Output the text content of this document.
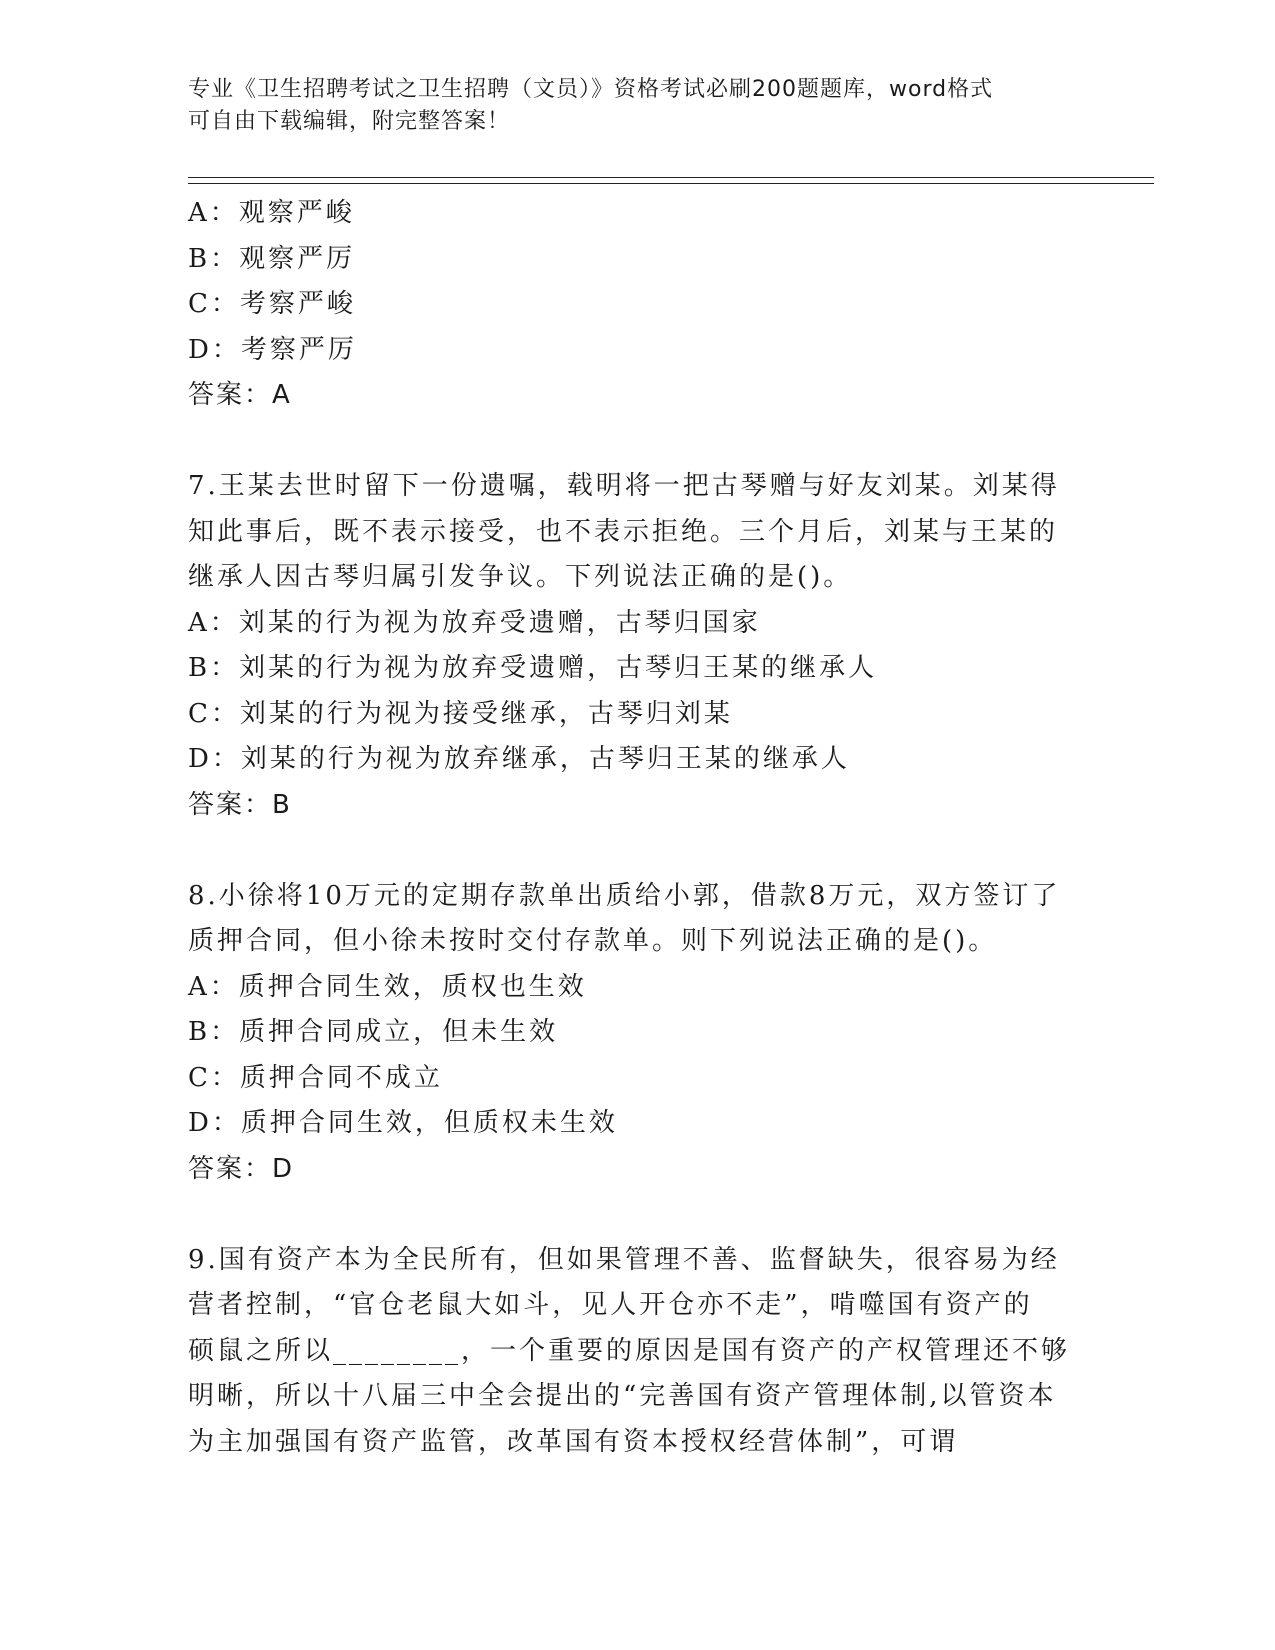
专业《卫生招聘考试之卫生招聘（文员）》资格考试必刷200题题库，word格式
可自由下载编辑，附完整答案！
A：观察严峻
B：观察严厉
C：考察严峻
D：考察严厉
答案：A
7.王某去世时留下一份遗嘱，载明将一把古琴赠与好友刘某。刘某得
知此事后，既不表示接受，也不表示拒绝。三个月后，刘某与王某的
继承人因古琴归属引发争议。下列说法正确的是()。
A：刘某的行为视为放弃受遗赠，古琴归国家
B：刘某的行为视为放弃受遗赠，古琴归王某的继承人
C：刘某的行为视为接受继承，古琴归刘某
D：刘某的行为视为放弃继承，古琴归王某的继承人
答案：B
8.小徐将10万元的定期存款单出质给小郭，借款8万元，双方签订了
质押合同，但小徐未按时交付存款单。则下列说法正确的是()。
A：质押合同生效，质权也生效
B：质押合同成立，但未生效
C：质押合同不成立
D：质押合同生效，但质权未生效
答案：D
9.国有资产本为全民所有，但如果管理不善、监督缺失，很容易为经
营者控制，“官仓老鼠大如斗，见人开仓亦不走”，啃噬国有资产的
硕鼠之所以________，一个重要的原因是国有资产的产权管理还不够
明晰，所以十八届三中全会提出的“完善国有资产管理体制,以管资本
为主加强国有资产监管，改革国有资本授权经营体制”，可谓
